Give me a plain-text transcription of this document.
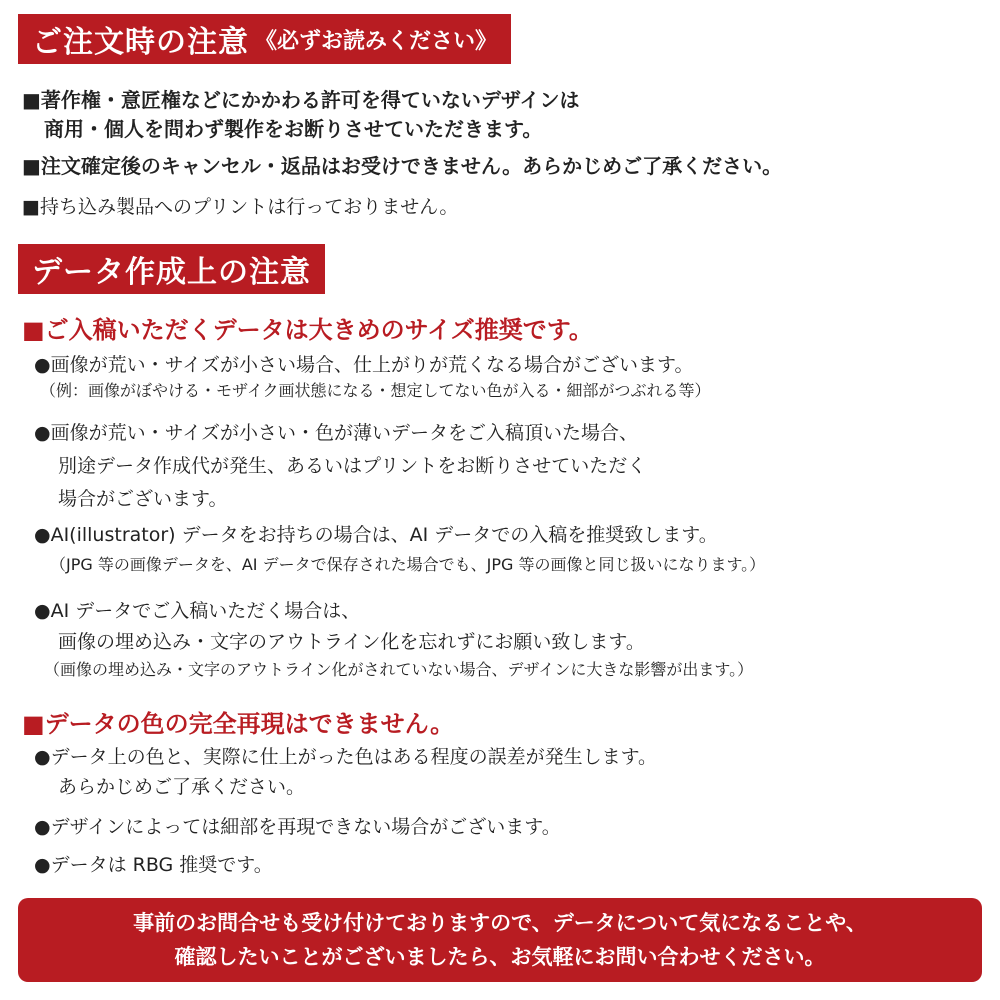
ご注文時の注意 《必ずお読みください》
■著作権・意匠権などにかかわる許可を得ていないデザインは
商用・個人を問わず製作をお断りさせていただきます。
■注文確定後のキャンセル・返品はお受けできません。あらかじめご了承ください。
■持ち込み製品へのプリントは行っておりません。
データ作成上の注意
■ご入稿いただくデータは大きめのサイズ推奨です。
●画像が荒い・サイズが小さい場合、仕上がりが荒くなる場合がございます。
（例：画像がぼやける・モザイク画状態になる・想定してない色が入る・細部がつぶれる等）
●画像が荒い・サイズが小さい・色が薄いデータをご入稿頂いた場合、
別途データ作成代が発生、あるいはプリントをお断りさせていただく
場合がございます。
●AI(illustrator) データをお持ちの場合は、AI データでの入稿を推奨致します。
（JPG 等の画像データを、AI データで保存された場合でも、JPG 等の画像と同じ扱いになります。）
●AI データでご入稿いただく場合は、
画像の埋め込み・文字のアウトライン化を忘れずにお願い致します。
（画像の埋め込み・文字のアウトライン化がされていない場合、デザインに大きな影響が出ます。）
■データの色の完全再現はできません。
●データ上の色と、実際に仕上がった色はある程度の誤差が発生します。
あらかじめご了承ください。
●デザインによっては細部を再現できない場合がございます。
●データは RBG 推奨です。
事前のお問合せも受け付けておりますので、データについて気になることや、
確認したいことがございましたら、お気軽にお問い合わせください。
